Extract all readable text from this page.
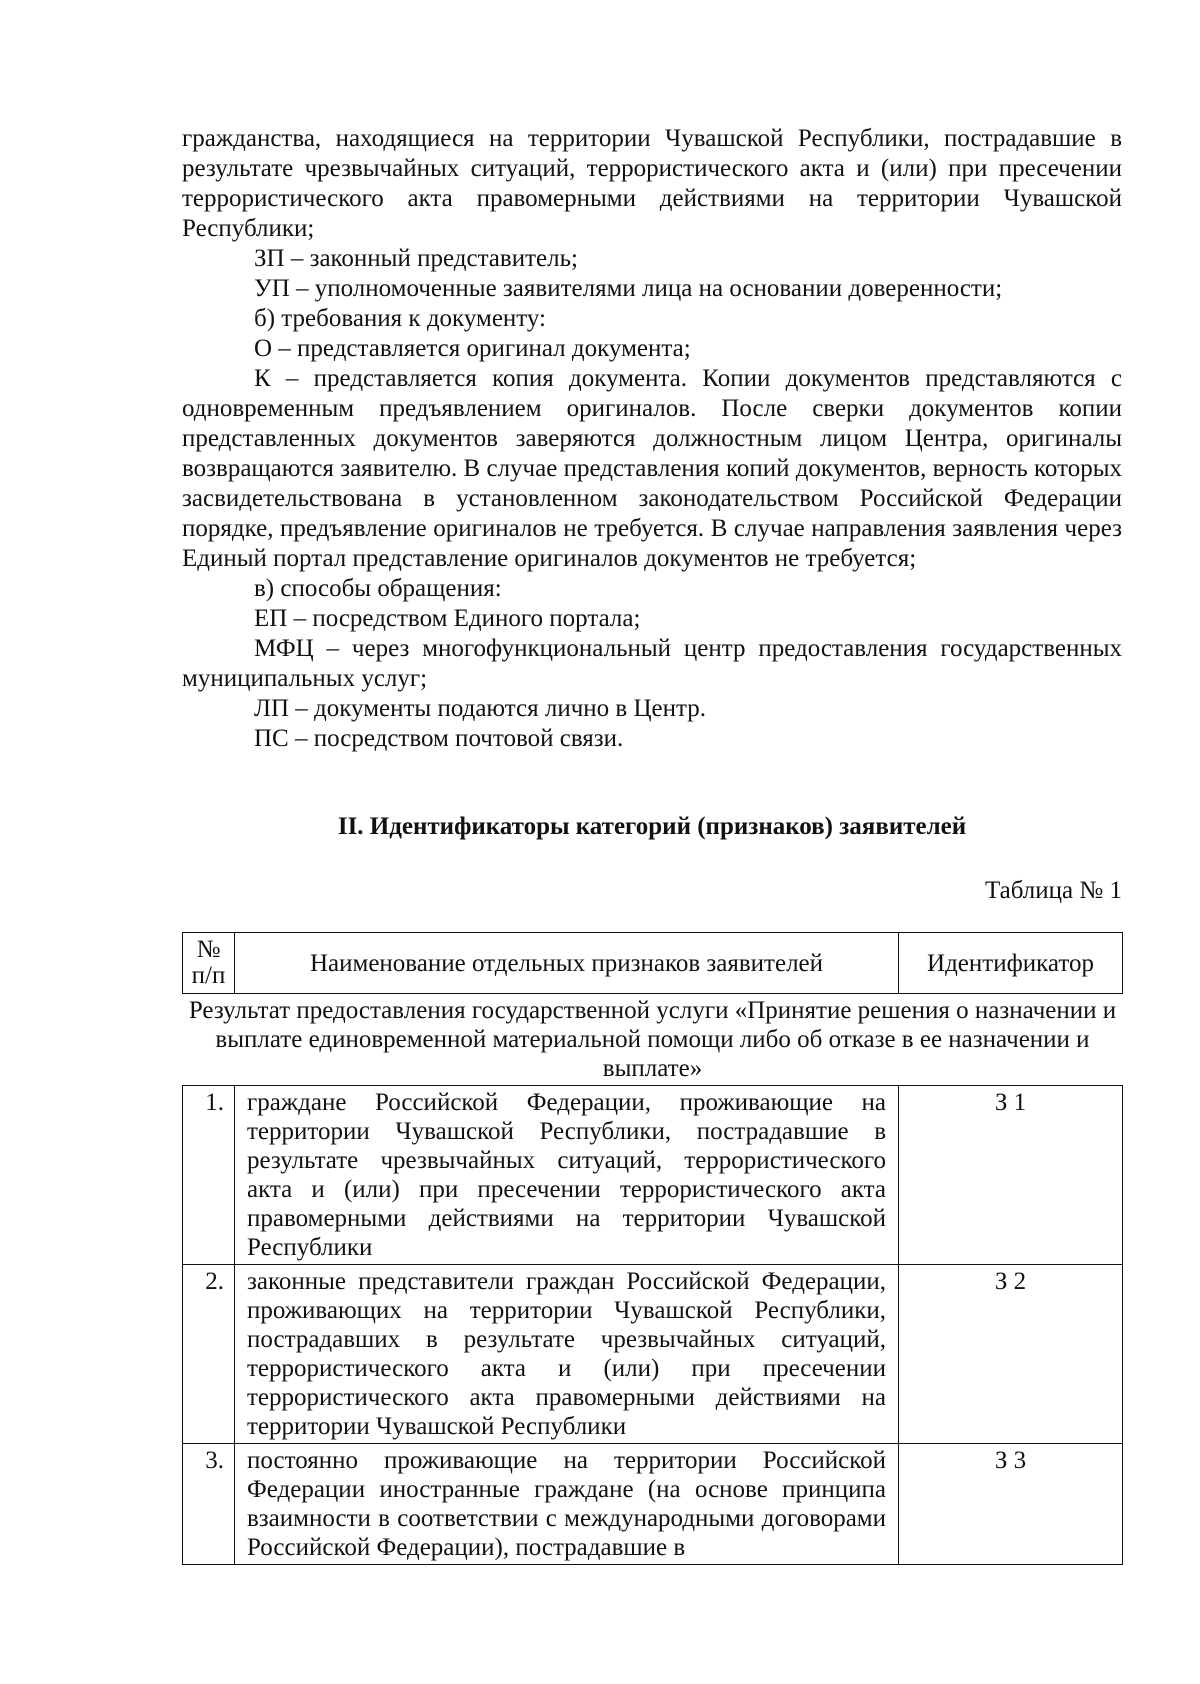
гражданства, находящиеся на территории Чувашской Республики, пострадавшие в результате чрезвычайных ситуаций, террористического акта и (или) при пресечении террористического акта правомерными действиями на территории Чувашской Республики;

ЗП – законный представитель;

УП – уполномоченные заявителями лица на основании доверенности;

б) требования к документу:

О – представляется оригинал документа;

К – представляется копия документа. Копии документов представляются с одновременным предъявлением оригиналов. После сверки документов копии представленных документов заверяются должностным лицом Центра, оригиналы возвращаются заявителю. В случае представления копий документов, верность которых засвидетельствована в установленном законодательством Российской Федерации порядке, предъявление оригиналов не требуется. В случае направления заявления через Единый портал представление оригиналов документов не требуется;

в) способы обращения:

ЕП – посредством Единого портала;

МФЦ – через многофункциональный центр предоставления государственных муниципальных услуг;

ЛП – документы подаются лично в Центр.

ПС – посредством почтовой связи.

II. Идентификаторы категорий (признаков) заявителей

Таблица № 1

№ п/п	Наименование отдельных признаков заявителей	Идентификатор
Результат предоставления государственной услуги «Принятие решения о назначении и выплате единовременной материальной помощи либо об отказе в ее назначении и выплате»		
1.	граждане Российской Федерации, проживающие на территории Чувашской Республики, пострадавшие в результате чрезвычайных ситуаций, террористического акта и (или) при пресечении террористического акта правомерными действиями на территории Чувашской Республики	З 1
2.	законные представители граждан Российской Федерации, проживающих на территории Чувашской Республики, пострадавших в результате чрезвычайных ситуаций, террористического акта и (или) при пресечении террористического акта правомерными действиями на территории Чувашской Республики	З 2
3.	постоянно проживающие на территории Российской Федерации иностранные граждане (на основе принципа взаимности в соответствии с международными договорами Российской Федерации), пострадавшие в	З 3
